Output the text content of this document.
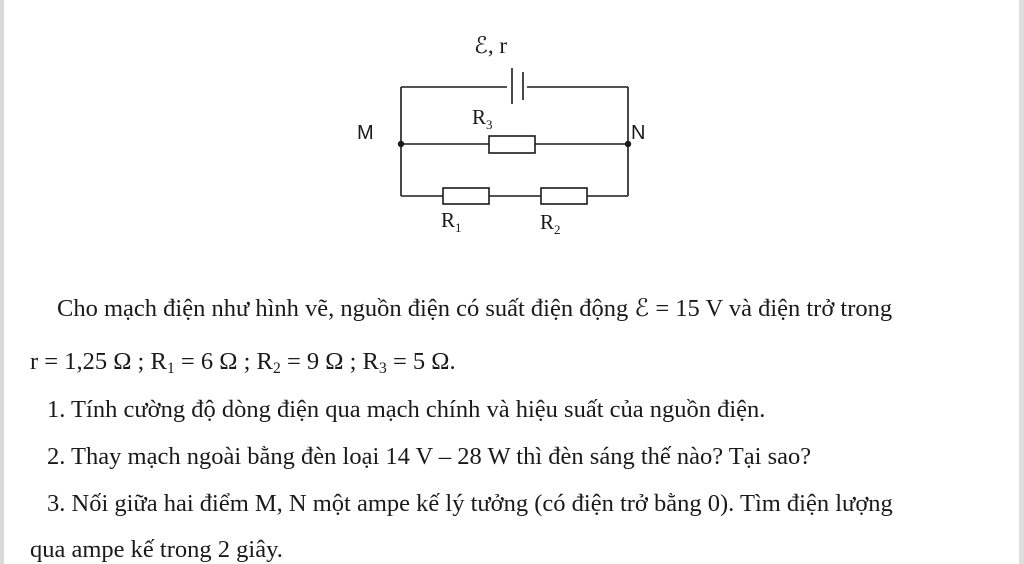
ℰ, r
M	N
$R_3$
$R_1$	$R_2$

Cho mạch điện như hình vẽ, nguồn điện có suất điện động ℰ = 15 V và điện trở trong

r = 1,25 Ω ; $R_1 = 6$ Ω ; $R_2 = 9$ Ω ; $R_3 = 5$ Ω.

1. Tính cường độ dòng điện qua mạch chính và hiệu suất của nguồn điện.

2. Thay mạch ngoài bằng đèn loại 14 V – 28 W thì đèn sáng thế nào? Tại sao?

3. Nối giữa hai điểm M, N một ampe kế lý tưởng (có điện trở bằng 0). Tìm điện lượng

qua ampe kế trong 2 giây.
